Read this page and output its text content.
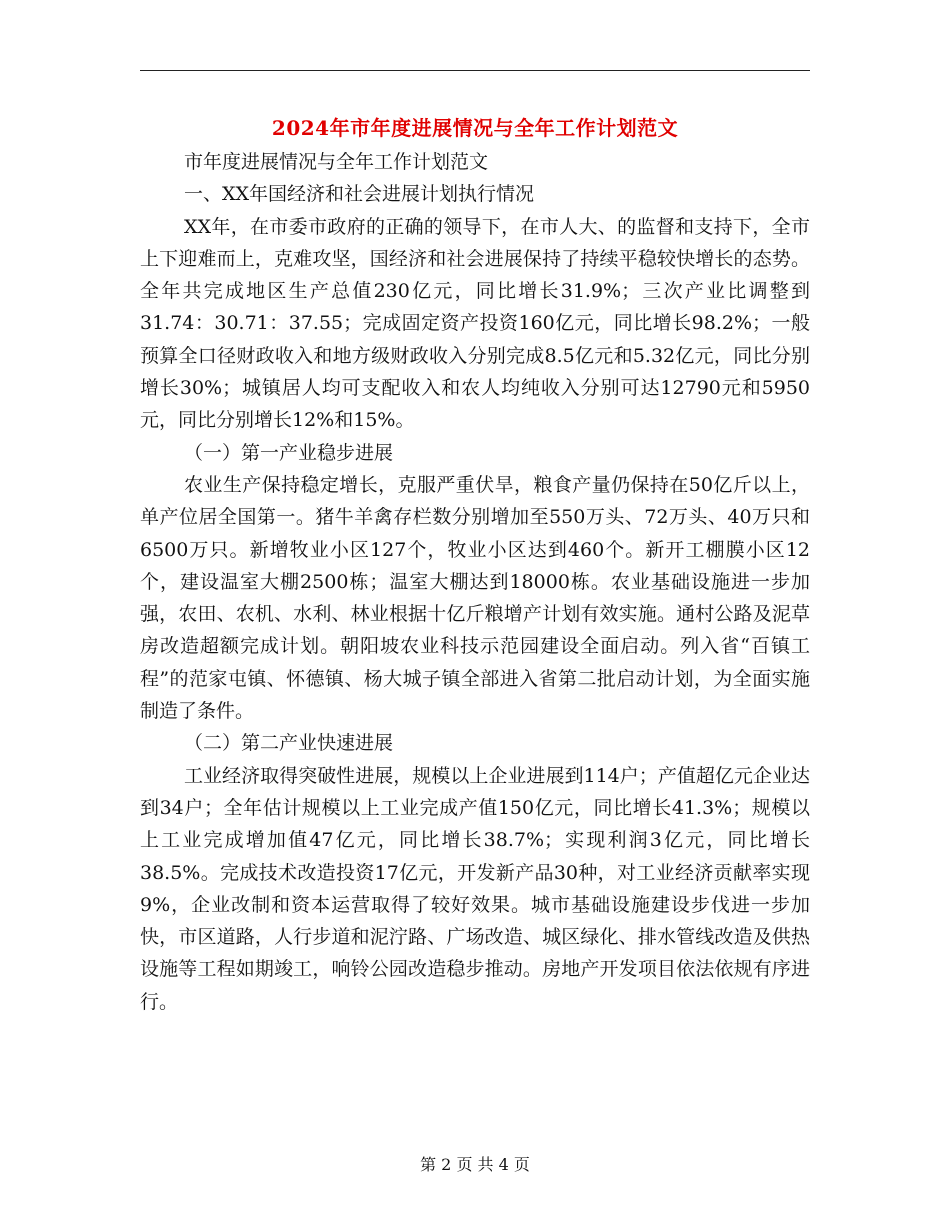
2024年市年度进展情况与全年工作计划范文

市年度进展情况与全年工作计划范文

一、XX年国经济和社会进展计划执行情况

XX年，在市委市政府的正确的领导下，在市人大、的监督和支持下，全市上下迎难而上，克难攻坚，国经济和社会进展保持了持续平稳较快增长的态势。全年共完成地区生产总值230亿元，同比增长31.9%；三次产业比调整到31.74：30.71：37.55；完成固定资产投资160亿元，同比增长98.2%；一般预算全口径财政收入和地方级财政收入分别完成8.5亿元和5.32亿元，同比分别增长30%；城镇居人均可支配收入和农人均纯收入分别可达12790元和5950元，同比分别增长12%和15%。

（一）第一产业稳步进展

农业生产保持稳定增长，克服严重伏旱，粮食产量仍保持在50亿斤以上，单产位居全国第一。猪牛羊禽存栏数分别增加至550万头、72万头、40万只和6500万只。新增牧业小区127个，牧业小区达到460个。新开工棚膜小区12个，建设温室大棚2500栋；温室大棚达到18000栋。农业基础设施进一步加强，农田、农机、水利、林业根据十亿斤粮增产计划有效实施。通村公路及泥草房改造超额完成计划。朝阳坡农业科技示范园建设全面启动。列入省“百镇工程”的范家屯镇、怀德镇、杨大城子镇全部进入省第二批启动计划，为全面实施制造了条件。

（二）第二产业快速进展

工业经济取得突破性进展，规模以上企业进展到114户；产值超亿元企业达到34户；全年估计规模以上工业完成产值150亿元，同比增长41.3%；规模以上工业完成增加值47亿元，同比增长38.7%；实现利润3亿元，同比增长38.5%。完成技术改造投资17亿元，开发新产品30种，对工业经济贡献率实现9%，企业改制和资本运营取得了较好效果。城市基础设施建设步伐进一步加快，市区道路，人行步道和泥泞路、广场改造、城区绿化、排水管线改造及供热设施等工程如期竣工，响铃公园改造稳步推动。房地产开发项目依法依规有序进行。

第 2 页 共 4 页
